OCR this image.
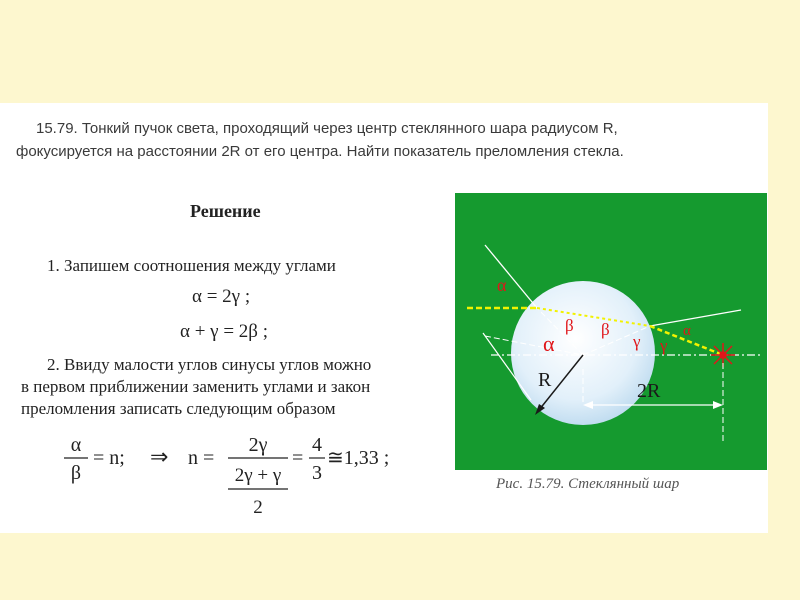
15.79. Тонкий пучок света, проходящий через центр стеклянного шара радиусом R,
фокусируется на расстоянии 2R от его центра. Найти показатель преломления стекла.

Решение
1. Запишем соотношения между углами
α = 2γ ;
α + γ = 2β ;

2. Ввиду малости углов синусы углов можно
в первом приближении заменить углами и закон преломления записать следующим образом

α
β
= n; ⇒ n =
2γ
2γ + γ
2
=
4
3
≅1,33 ;
α
β β
γ
α
γ
α
R	2R
Рис. 15.79. Стеклянный шар
